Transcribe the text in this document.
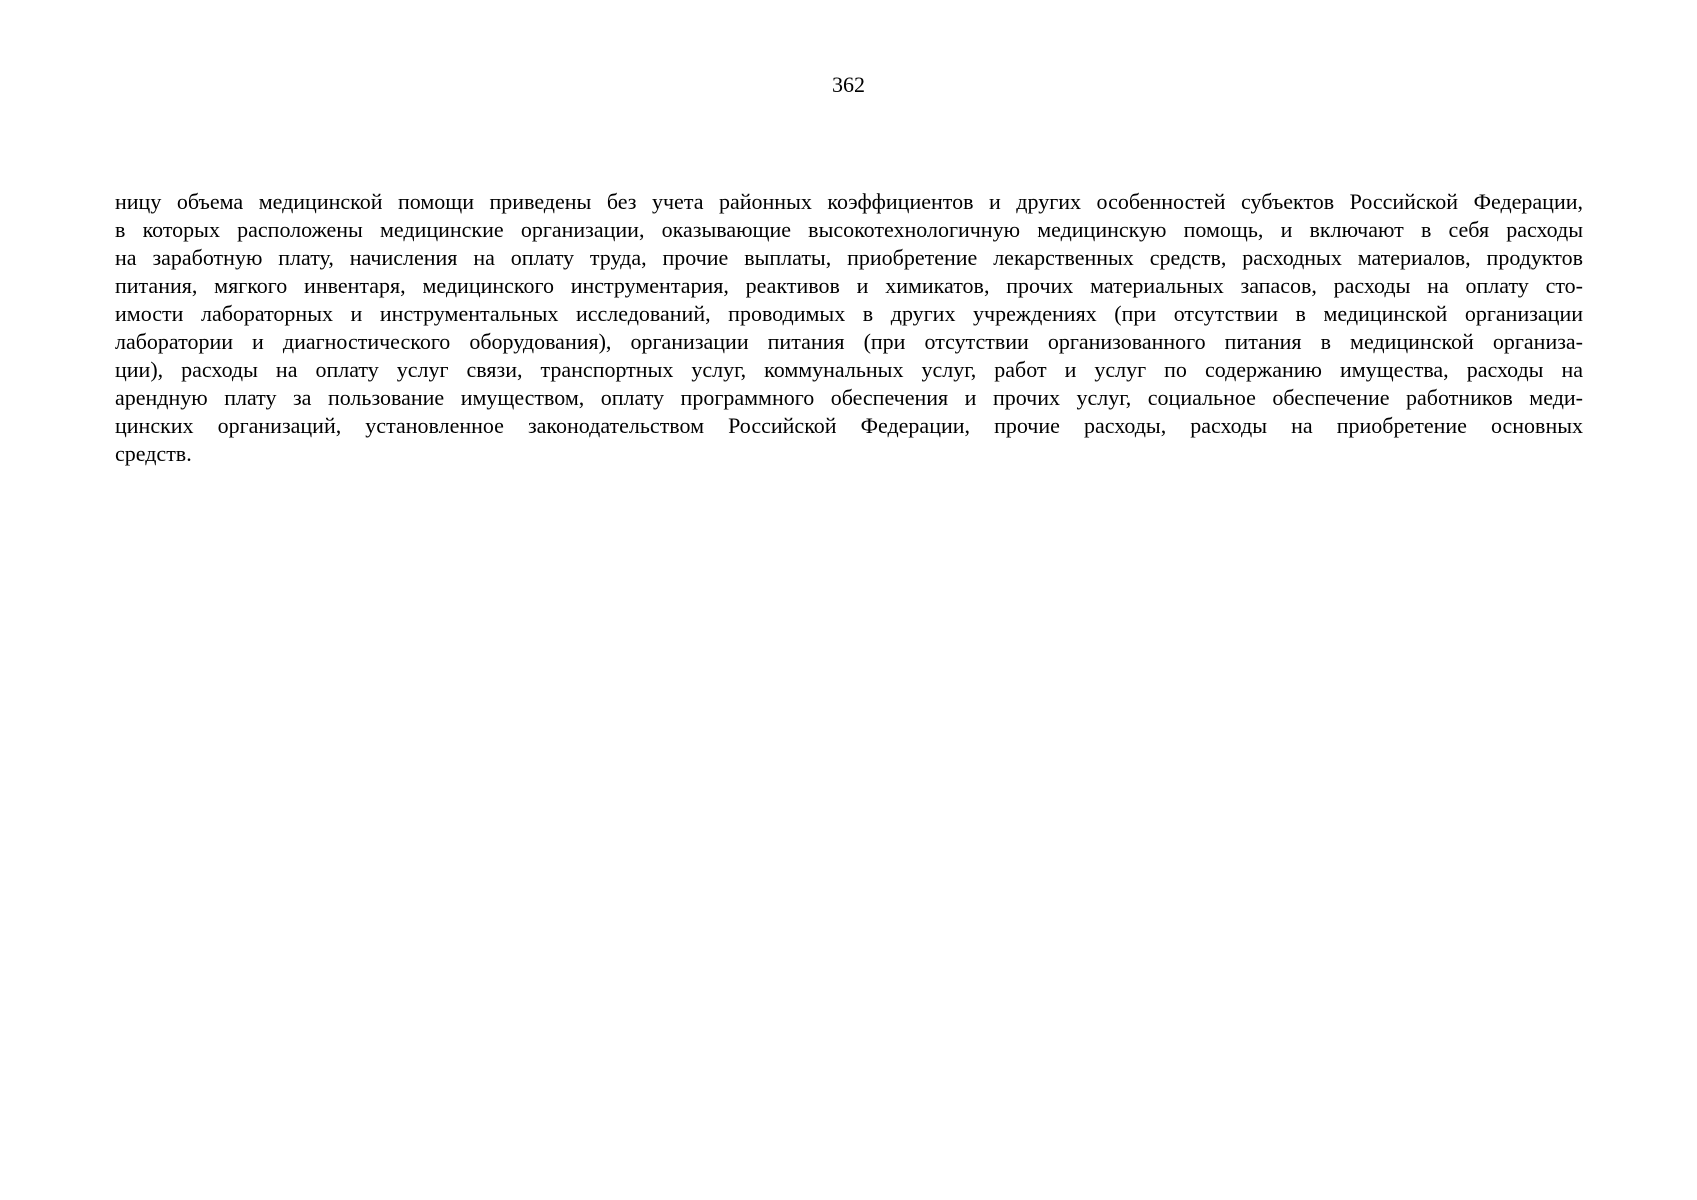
362
ницу объема медицинской помощи приведены без учета районных коэффициентов и других особенностей субъектов Российской Федерации,
в которых расположены медицинские организации, оказывающие высокотехнологичную медицинскую помощь, и включают в себя расходы
на заработную плату, начисления на оплату труда, прочие выплаты, приобретение лекарственных средств, расходных материалов, продуктов
питания, мягкого инвентаря, медицинского инструментария, реактивов и химикатов, прочих материальных запасов, расходы на оплату сто-
имости лабораторных и инструментальных исследований, проводимых в других учреждениях (при отсутствии в медицинской организации
лаборатории и диагностического оборудования), организации питания (при отсутствии организованного питания в медицинской организа-
ции), расходы на оплату услуг связи, транспортных услуг, коммунальных услуг, работ и услуг по содержанию имущества, расходы на
арендную плату за пользование имуществом, оплату программного обеспечения и прочих услуг, социальное обеспечение работников меди-
цинских организаций, установленное законодательством Российской Федерации, прочие расходы, расходы на приобретение основных
средств.
